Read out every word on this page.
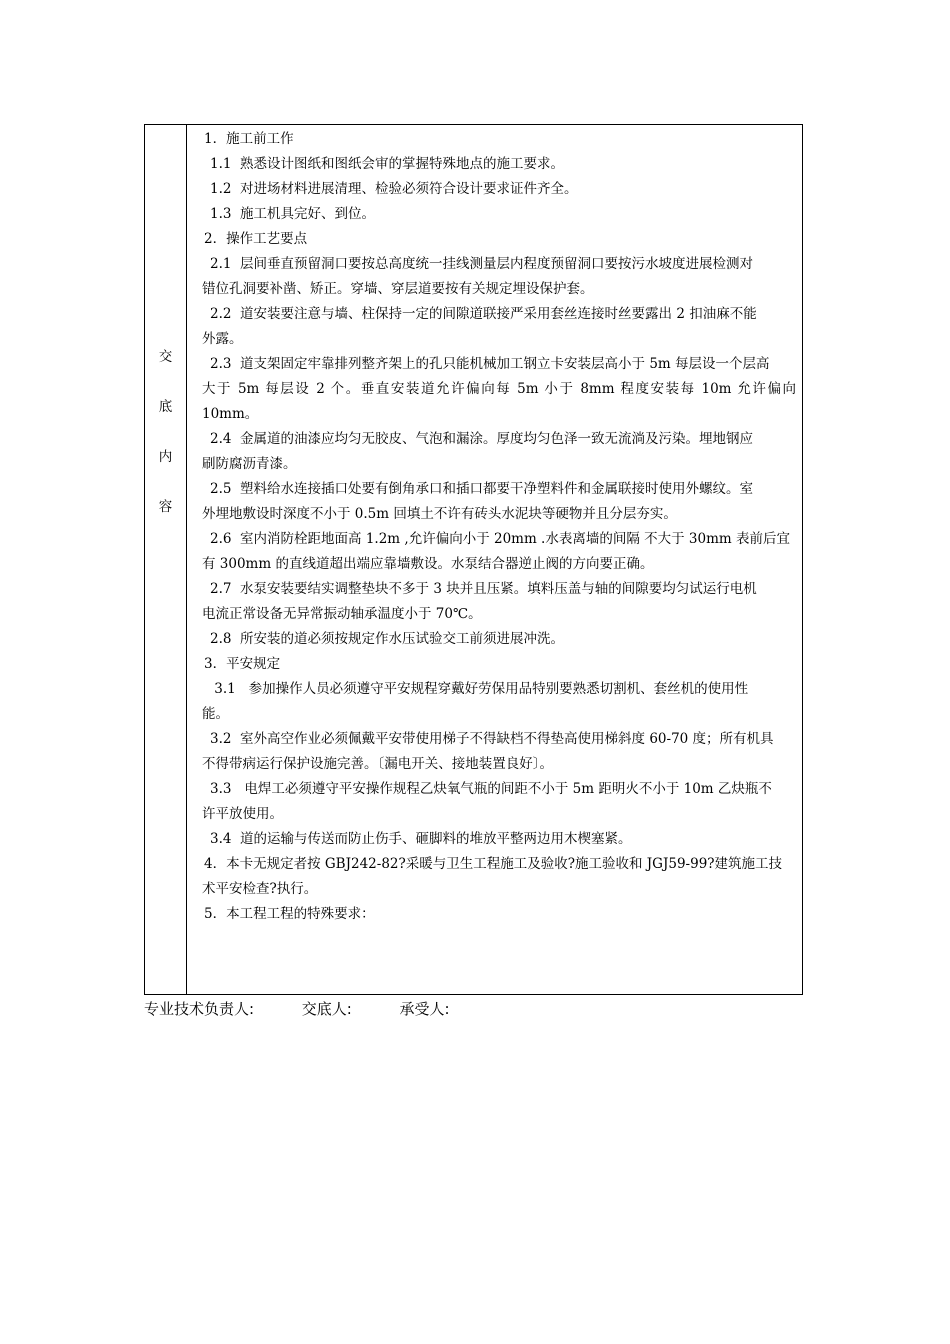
交
底
内
容
1．施工前工作
1.1  熟悉设计图纸和图纸会审的掌握特殊地点的施工要求。
1.2  对进场材料进展清理、检验必须符合设计要求证件齐全。
1.3  施工机具完好、到位。
2．操作工艺要点
2.1  层间垂直预留洞口要按总高度统一挂线测量层内程度预留洞口要按污水坡度进展检测对
错位孔洞要补凿、矫正。穿墙、穿层道要按有关规定埋设保护套。
2.2  道安装要注意与墙、柱保持一定的间隙道联接严采用套丝连接时丝要露出 2 扣油麻不能
外露。
2.3  道支架固定牢靠排列整齐架上的孔只能机械加工钢立卡安装层高小于 5m 每层设一个层高
大于 5m 每层设 2 个。垂直安装道允许偏向每 5m 小于 8mm 程度安装每 10m 允许偏向 10mm。
2.4  金属道的油漆应均匀无胶皮、气泡和漏涂。厚度均匀色泽一致无流淌及污染。埋地钢应
刷防腐沥青漆。
2.5  塑料给水连接插口处要有倒角承口和插口都要干净塑料件和金属联接时使用外螺纹。室
外埋地敷设时深度不小于 0.5m 回填土不许有砖头水泥块等硬物并且分层夯实。
2.6  室内消防栓距地面高 1.2m ,允许偏向小于 20mm .水表离墙的间隔 不大于 30mm 表前后宜
有 300mm 的直线道超出端应靠墙敷设。水泵结合器逆止阀的方向要正确。
2.7  水泵安装要结实调整垫块不多于 3 块并且压紧。填料压盖与轴的间隙要均匀试运行电机
电流正常设备无异常振动轴承温度小于 70℃。
2.8  所安装的道必须按规定作水压试验交工前须进展冲洗。
3．平安规定
3.1   参加操作人员必须遵守平安规程穿戴好劳保用品特别要熟悉切割机、套丝机的使用性
能。
3.2  室外高空作业必须佩戴平安带使用梯子不得缺档不得垫高使用梯斜度 60-70 度；所有机具
不得带病运行保护设施完善。〔漏电开关、接地装置良好〕。
3.3   电焊工必须遵守平安操作规程乙炔氧气瓶的间距不小于 5m 距明火不小于 10m 乙炔瓶不
许平放使用。
3.4  道的运输与传送而防止伤手、砸脚料的堆放平整两边用木楔塞紧。
4．本卡无规定者按 GBJ242-82?采暖与卫生工程施工及验收?施工验收和 JGJ59-99?建筑施工技
术平安检查?执行。
5．本工程工程的特殊要求：
专业技术负责人:          交底人:          承受人:
